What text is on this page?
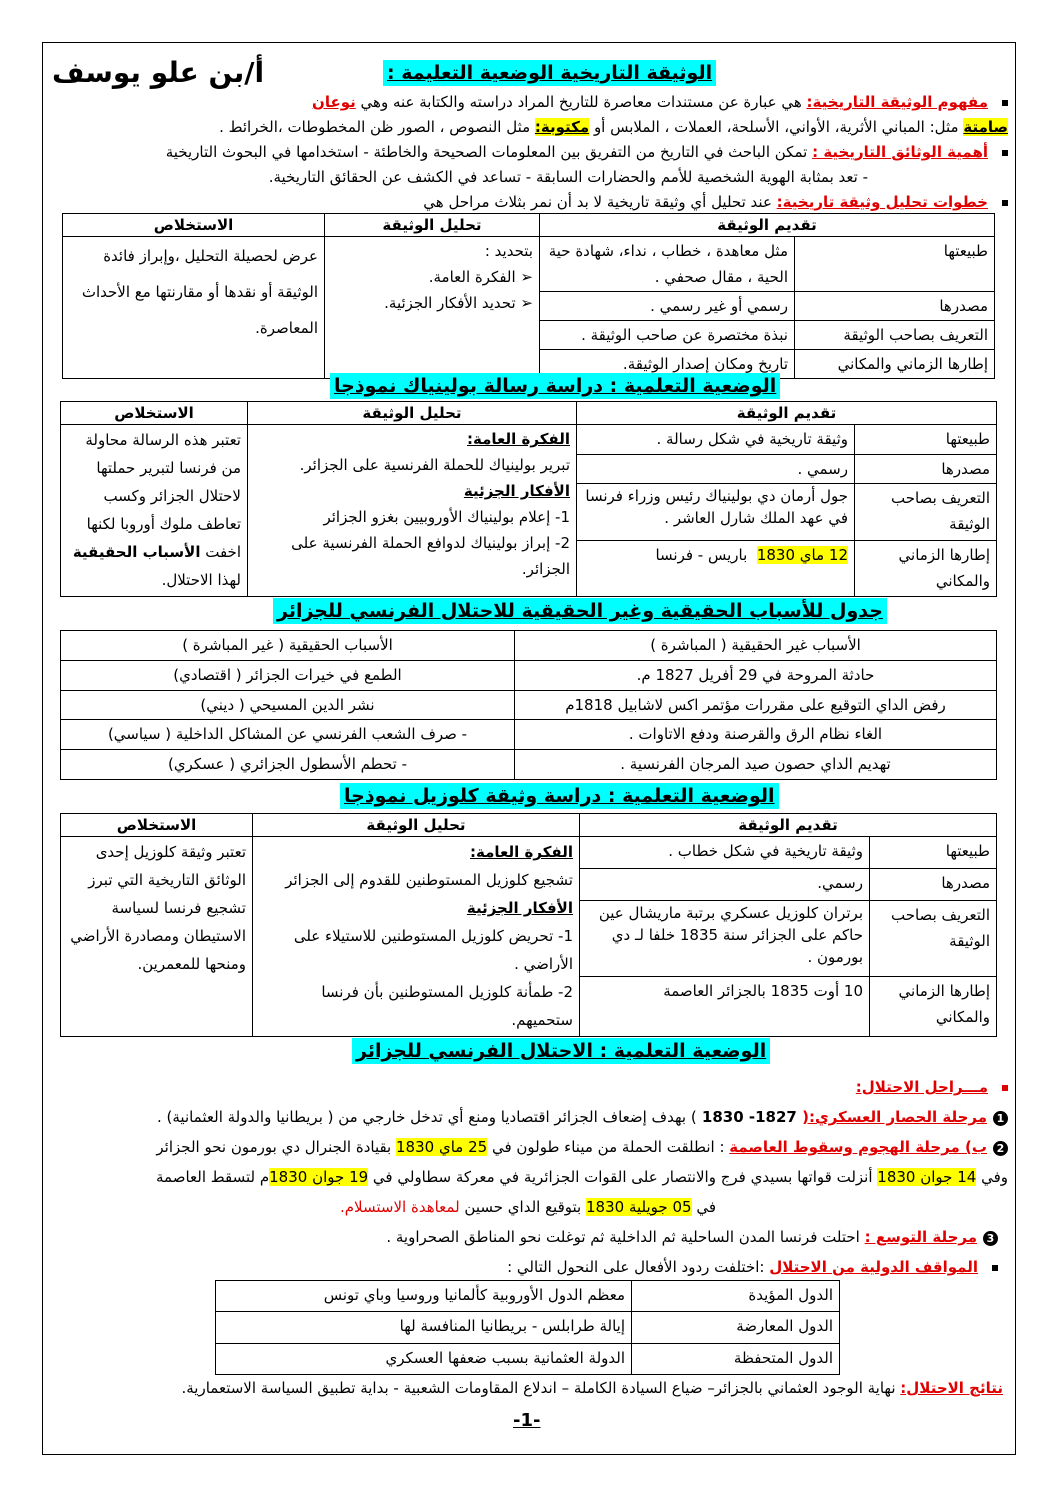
أ/بن علو يوسف	الوثيقة التاريخية الوضعية التعليمة :
مفهوم الوثيقة التاريخية: هي عبارة عن مستندات معاصرة للتاريخ المراد دراسته والكتابة عنه وهي نوعان
صامتة مثل: المباني الأثرية، الأواني، الأسلحة، العملات ، الملابس أو مكتوبة: مثل النصوص ، الصور ظن المخطوطات ،الخرائط .
أهمية الوثائق التاريخية : تمكن الباحث في التاريخ من التفريق بين المعلومات الصحيحة والخاطئة - استخدامها في البحوث التاريخية
- تعد بمثابة الهوية الشخصية للأمم والحضارات السابقة - تساعد في الكشف عن الحقائق التاريخية.
خطوات تحليل وثيقة تاريخية: عند تحليل أي وثيقة تاريخية لا بد أن نمر بثلاث مراحل هي
تقديم الوثيقة		تحليل الوثيقة	الاستخلاص
طبيعتها	مثل معاهدة ، خطاب ، نداء، شهادة حية الحية ، مقال صحفي .	بتحديد :
➢ الفكرة العامة.
➢ تحديد الأفكار الجزئية.	عرض لحصيلة التحليل ،وإبراز فائدة الوثيقة أو نقدها أو مقارنتها مع الأحداث المعاصرة.
مصدرها	رسمي أو غير رسمي .		
التعريف بصاحب الوثيقة	نبذة مختصرة عن صاحب الوثيقة .		
إطارها الزماني والمكاني	تاريخ ومكان إصدار الوثيقة.		
الوضعية التعلمية : دراسة رسالة بولينياك نموذجا
تقديم الوثيقة		تحليل الوثيقة	الاستخلاص
طبيعتها	وثيقة تاريخية في شكل رسالة .	الفكرة العامة:
تبرير بولينياك للحملة الفرنسية على الجزائر.
الأفكار الجزئية
1- إعلام بولينياك الأوروبيين بغزو الجزائر
2- إبراز بولينياك لدوافع الحملة الفرنسية على الجزائر.	تعتبر هذه الرسالة محاولة من فرنسا لتبرير حملتها لاحتلال الجزائر وكسب تعاطف ملوك أوروبا لكنها اخفت الأسباب الحقيقية لهذا الاحتلال.
مصدرها	رسمي .		
التعريف بصاحب الوثيقة	جول أرمان دي بولينياك رئيس وزراء فرنسا في عهد الملك شارل العاشر .		
إطارها الزماني والمكاني	12 ماي 1830  باريس - فرنسا		
جدول للأسباب الحقيقية وغير الحقيقية للاحتلال الفرنسي للجزائر
الأسباب غير الحقيقية ( المباشرة )	الأسباب الحقيقية ( غير المباشرة )
حادثة المروحة في 29 أفريل 1827 م.	الطمع في خيرات الجزائر ( اقتصادي)
رفض الداي التوقيع على مقررات مؤتمر اكس لاشابيل 1818م	نشر الدين المسيحي ( ديني)
الغاء نظام الرق والقرصنة ودفع الاتاوات .	- صرف الشعب الفرنسي عن المشاكل الداخلية ( سياسي)
تهديم الداي حصون صيد المرجان الفرنسية .	- تحطم الأسطول الجزائري ( عسكري)
الوضعية التعلمية : دراسة وثيقة كلوزيل نموذجا
تقديم الوثيقة		تحليل الوثيقة	الاستخلاص
طبيعتها	وثيقة تاريخية في شكل خطاب .	الفكرة العامة:
تشجيع كلوزيل المستوطنين للقدوم إلى الجزائر
الأفكار الجزئية
1- تحريض كلوزيل المستوطنين للاستيلاء على الأراضي .
2- طمأنة كلوزيل المستوطنين بأن فرنسا ستحميهم.	تعتبر وثيقة كلوزيل إحدى الوثائق التاريخية التي تبرز تشجيع فرنسا لسياسة الاستيطان ومصادرة الأراضي ومنحها للمعمرين.
مصدرها	رسمي.		
التعريف بصاحب الوثيقة	برتران كلوزيل عسكري برتبة ماريشال عين حاكم على الجزائر سنة 1835 خلفا لـ دي بورمون .		
إطارها الزماني والمكاني	10 أوت 1835 بالجزائر العاصمة		
الوضعية التعلمية : الاحتلال الفرنسي للجزائر
مـــراحل الاحتلال:
1مرحلة الحصار العسكري:( 1827- 1830 ) بهدف إضعاف الجزائر اقتصاديا ومنع أي تدخل خارجي من ( بريطانيا والدولة العثمانية) .
2ب) مرحلة الهجوم وسقوط العاصمة : انطلقت الحملة من ميناء طولون في 25 ماي 1830 بقيادة الجنرال دي بورمون نحو الجزائر
وفي 14 جوان 1830 أنزلت قواتها بسيدي فرج والانتصار على القوات الجزائرية في معركة سطاولي في 19 جوان 1830م لتسقط العاصمة
في 05 جويلية 1830 بتوقيع الداي حسين لمعاهدة الاستسلام.
3مرحلة التوسع : احتلت فرنسا المدن الساحلية ثم الداخلية ثم توغلت نحو المناطق الصحراوية .
المواقف الدولية من الاحتلال :اختلفت ردود الأفعال على النحول التالي :
الدول المؤيدة	معظم الدول الأوروبية كألمانيا وروسيا وباي تونس
الدول المعارضة	إيالة طرابلس - بريطانيا المنافسة لها
الدول المتحفظة	الدولة العثمانية بسبب ضعفها العسكري
نتائج الاحتلال: نهاية الوجود العثماني بالجزائر– ضياع السيادة الكاملة – اندلاع المقاومات الشعبية - بداية تطبيق السياسة الاستعمارية.
-1-
